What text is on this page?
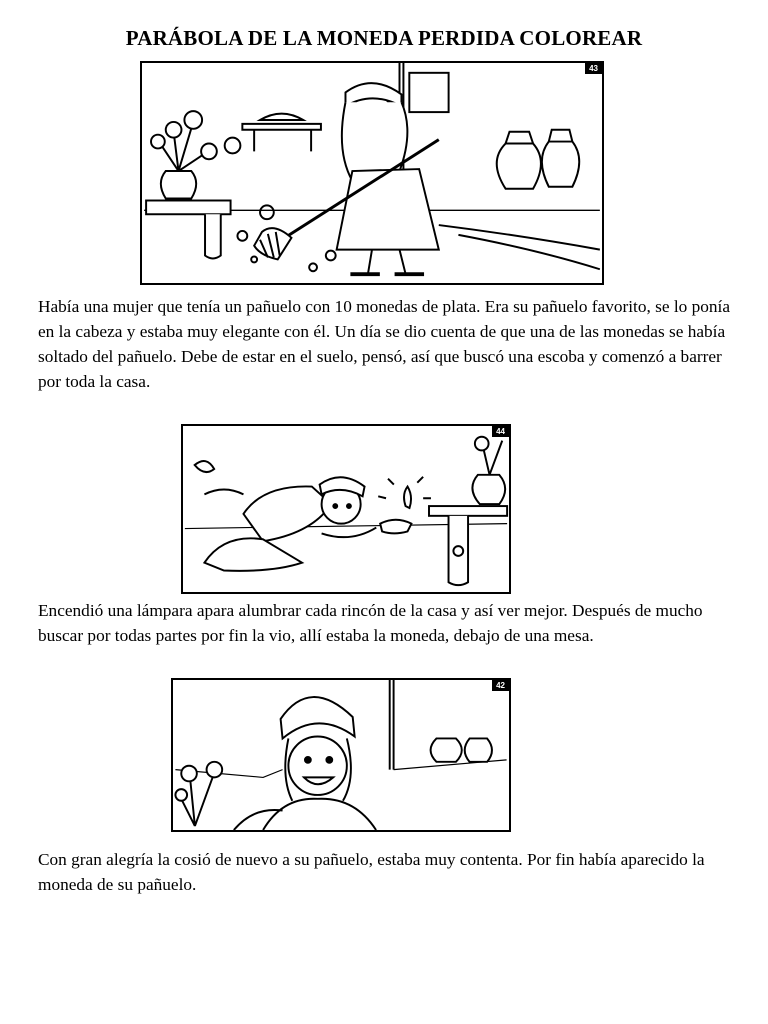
PARÁBOLA DE LA MONEDA PERDIDA COLOREAR
43
Había una mujer que tenía un pañuelo con 10 monedas de plata. Era su pañuelo favorito, se lo ponía en la cabeza y estaba muy elegante con él. Un día se dio cuenta de que una de las monedas se había soltado del pañuelo. Debe de estar en el suelo, pensó, así que buscó una escoba y comenzó a barrer por toda la casa.
44
Encendió una lámpara apara alumbrar cada rincón de la casa y así ver mejor. Después de mucho buscar por todas partes por fin la vio, allí estaba la moneda, debajo de una mesa.
42
Con gran alegría la cosió de nuevo a su pañuelo, estaba muy contenta. Por fin había aparecido la moneda de su pañuelo.
